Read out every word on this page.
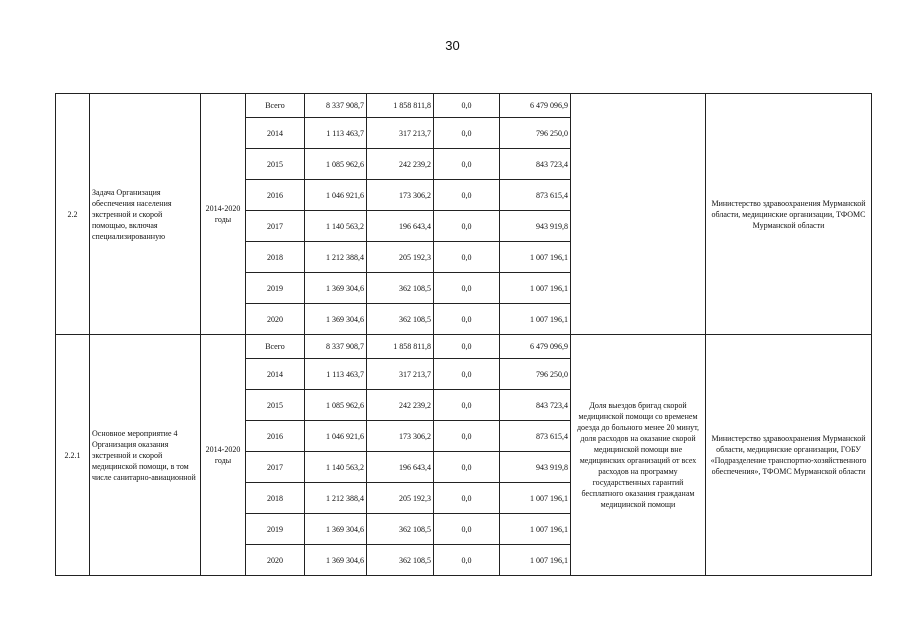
30
2.2	Задача Организация обеспечения населения экстренной и скорой помощью, включая специализированную	2014-2020 годы	Всего	8 337 908,7	1 858 811,8	0,0	6 479 096,9		Министерство здравоохранения Мурманской области, медицинские организации, ТФОМС Мурманской области
			2014	1 113 463,7	317 213,7	0,0	796 250,0		
			2015	1 085 962,6	242 239,2	0,0	843 723,4		
			2016	1 046 921,6	173 306,2	0,0	873 615,4		
			2017	1 140 563,2	196 643,4	0,0	943 919,8		
			2018	1 212 388,4	205 192,3	0,0	1 007 196,1		
			2019	1 369 304,6	362 108,5	0,0	1 007 196,1		
			2020	1 369 304,6	362 108,5	0,0	1 007 196,1		
2.2.1	Основное мероприятие 4 Организация оказания экстренной и скорой медицинской помощи, в том числе санитарно-авиационной	2014-2020 годы	Всего	8 337 908,7	1 858 811,8	0,0	6 479 096,9	Доля выездов бригад скорой медицинской помощи со временем доезда до больного менее 20 минут, доля расходов на оказание скорой медицинской помощи вне медицинских организаций от всех расходов на программу государственных гарантий бесплатного оказания гражданам медицинской помощи	Министерство здравоохранения Мурманской области, медицинские организации, ГОБУ «Подразделение транспортно-хозяйственного обеспечения», ТФОМС Мурманской области
			2014	1 113 463,7	317 213,7	0,0	796 250,0		
			2015	1 085 962,6	242 239,2	0,0	843 723,4		
			2016	1 046 921,6	173 306,2	0,0	873 615,4		
			2017	1 140 563,2	196 643,4	0,0	943 919,8		
			2018	1 212 388,4	205 192,3	0,0	1 007 196,1		
			2019	1 369 304,6	362 108,5	0,0	1 007 196,1		
			2020	1 369 304,6	362 108,5	0,0	1 007 196,1		
